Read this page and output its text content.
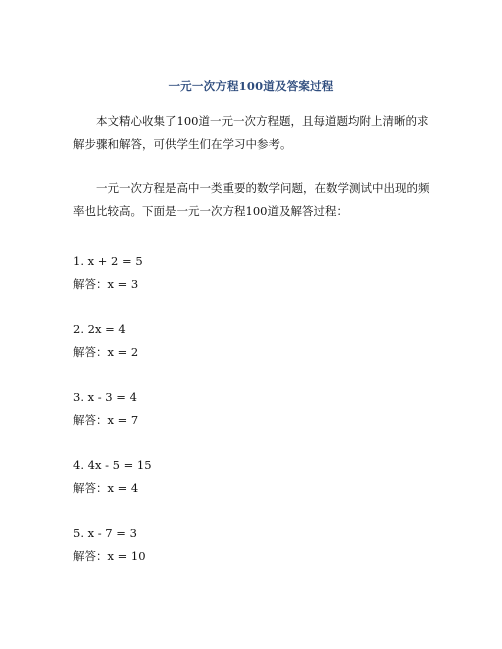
一元一次方程100道及答案过程
本文精心收集了100道一元一次方程题，且每道题均附上清晰的求解步骤和解答，可供学生们在学习中参考。
一元一次方程是高中一类重要的数学问题，在数学测试中出现的频率也比较高。下面是一元一次方程100道及解答过程：
1. x + 2 = 5
解答：x = 3
2. 2x = 4
解答：x = 2
3. x - 3 = 4
解答：x = 7
4. 4x - 5 = 15
解答：x = 4
5. x - 7 = 3
解答：x = 10
